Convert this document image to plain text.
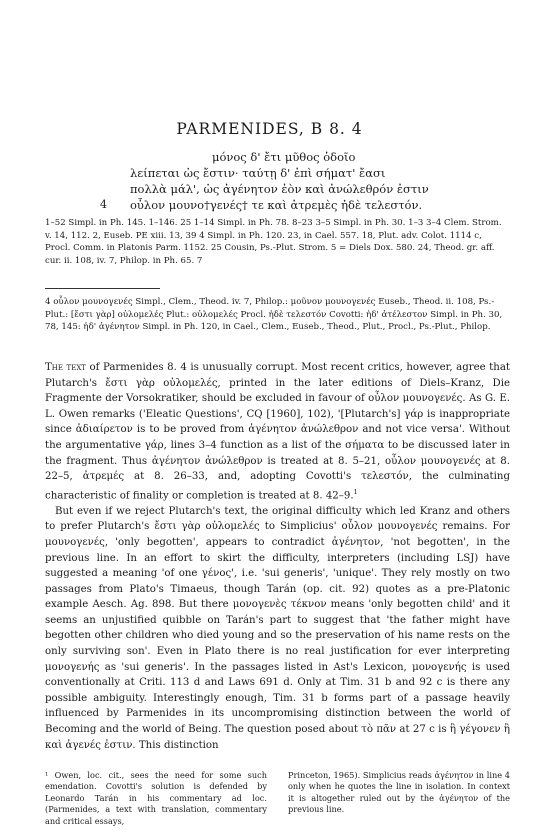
PARMENIDES, B 8. 4
μόνος δ' ἔτι μῦθος ὁδοῖο
λείπεται ὡς ἔστιν· ταύτῃ δ' ἐπὶ σήματ' ἔασι
πολλὰ μάλ', ὡς ἀγένητον ἐὸν καὶ ἀνώλεθρόν ἐστιν
4 οὖλον μουνο†γενές† τε καὶ ἀτρεμὲς ἠδὲ τελεστόν.
1–52 Simpl. in Ph. 145. 1–146. 25 1–14 Simpl. in Ph. 78. 8–23 3–5 Simpl. in Ph. 30. 1–3 3–4 Clem. Strom. v. 14, 112. 2, Euseb. PE xiii. 13, 39 4 Simpl. in Ph. 120. 23, in Cael. 557. 18, Plut. adv. Colot. 1114 c, Procl. Comm. in Platonis Parm. 1152. 25 Cousin, Ps.-Plut. Strom. 5 = Diels Dox. 580. 24, Theod. gr. aff. cur. ii. 108, iv. 7, Philop. in Ph. 65. 7
4 οὖλον μουνογενές Simpl., Clem., Theod. iv. 7, Philop.: μοῦνον μουνογενές Euseb., Theod. ii. 108, Ps.-Plut.: [ἔστι γὰρ] οὐλομελές Plut.: οὐλομελές Procl. ἠδὲ τελεστόν Covotti: ἠδ' ἀτέλεστον Simpl. in Ph. 30, 78, 145: ἠδ' ἀγένητον Simpl. in Ph. 120, in Cael., Clem., Euseb., Theod., Plut., Procl., Ps.-Plut., Philop.

The text of Parmenides 8. 4 is unusually corrupt. Most recent critics, however, agree that Plutarch's ἔστι γὰρ οὐλομελές, printed in the later editions of Diels–Kranz, Die Fragmente der Vorsokratiker, should be excluded in favour of οὖλον μουνογενές. As G. E. L. Owen remarks ('Eleatic Questions', CQ [1960], 102), '[Plutarch's] γάρ is inappropriate since ἀδιαίρετον is to be proved from ἀγένητον ἀνώλεθρον and not vice versa'. Without the argumentative γάρ, lines 3–4 function as a list of the σήματα to be discussed later in the fragment. Thus ἀγένητον ἀνώλεθρον is treated at 8. 5–21, οὖλον μουνογενές at 8. 22–5, ἀτρεμές at 8. 26–33, and, adopting Covotti's τελεστόν, the culminating characteristic of finality or completion is treated at 8. 42–9.$^1$

But even if we reject Plutarch's text, the original difficulty which led Kranz and others to prefer Plutarch's ἔστι γὰρ οὐλομελές to Simplicius' οὖλον μουνογενές remains. For μουνογενές, 'only begotten', appears to contradict ἀγένητον, 'not begotten', in the previous line. In an effort to skirt the difficulty, interpreters (including LSJ) have suggested a meaning 'of one γένος', i.e. 'sui generis', 'unique'. They rely mostly on two passages from Plato's Timaeus, though Tarán (op. cit. 92) quotes as a pre-Platonic example Aesch. Ag. 898. But there μονογενὲς τέκνον means 'only begotten child' and it seems an unjustified quibble on Tarán's part to suggest that 'the father might have begotten other children who died young and so the preservation of his name rests on the only surviving son'. Even in Plato there is no real justification for ever interpreting μονογενής as 'sui generis'. In the passages listed in Ast's Lexicon, μονογενής is used conventionally at Criti. 113 d and Laws 691 d. Only at Tim. 31 b and 92 c is there any possible ambiguity. Interestingly enough, Tim. 31 b forms part of a passage heavily influenced by Parmenides in its uncompromising distinction between the world of Becoming and the world of Being. The question posed about τὸ πᾶν at 27 c is ἢ γέγονεν ἢ καὶ ἀγενές ἐστιν. This distinction

¹ Owen, loc. cit., sees the need for some such emendation. Covotti's solution is defended by Leonardo Tarán in his commentary ad loc. (Parmenides, a text with translation, commentary and critical essays,

Princeton, 1965). Simplicius reads ἀγένητον in line 4 only when he quotes the line in isolation. In context it is altogether ruled out by the ἀγένητον of the previous line.
